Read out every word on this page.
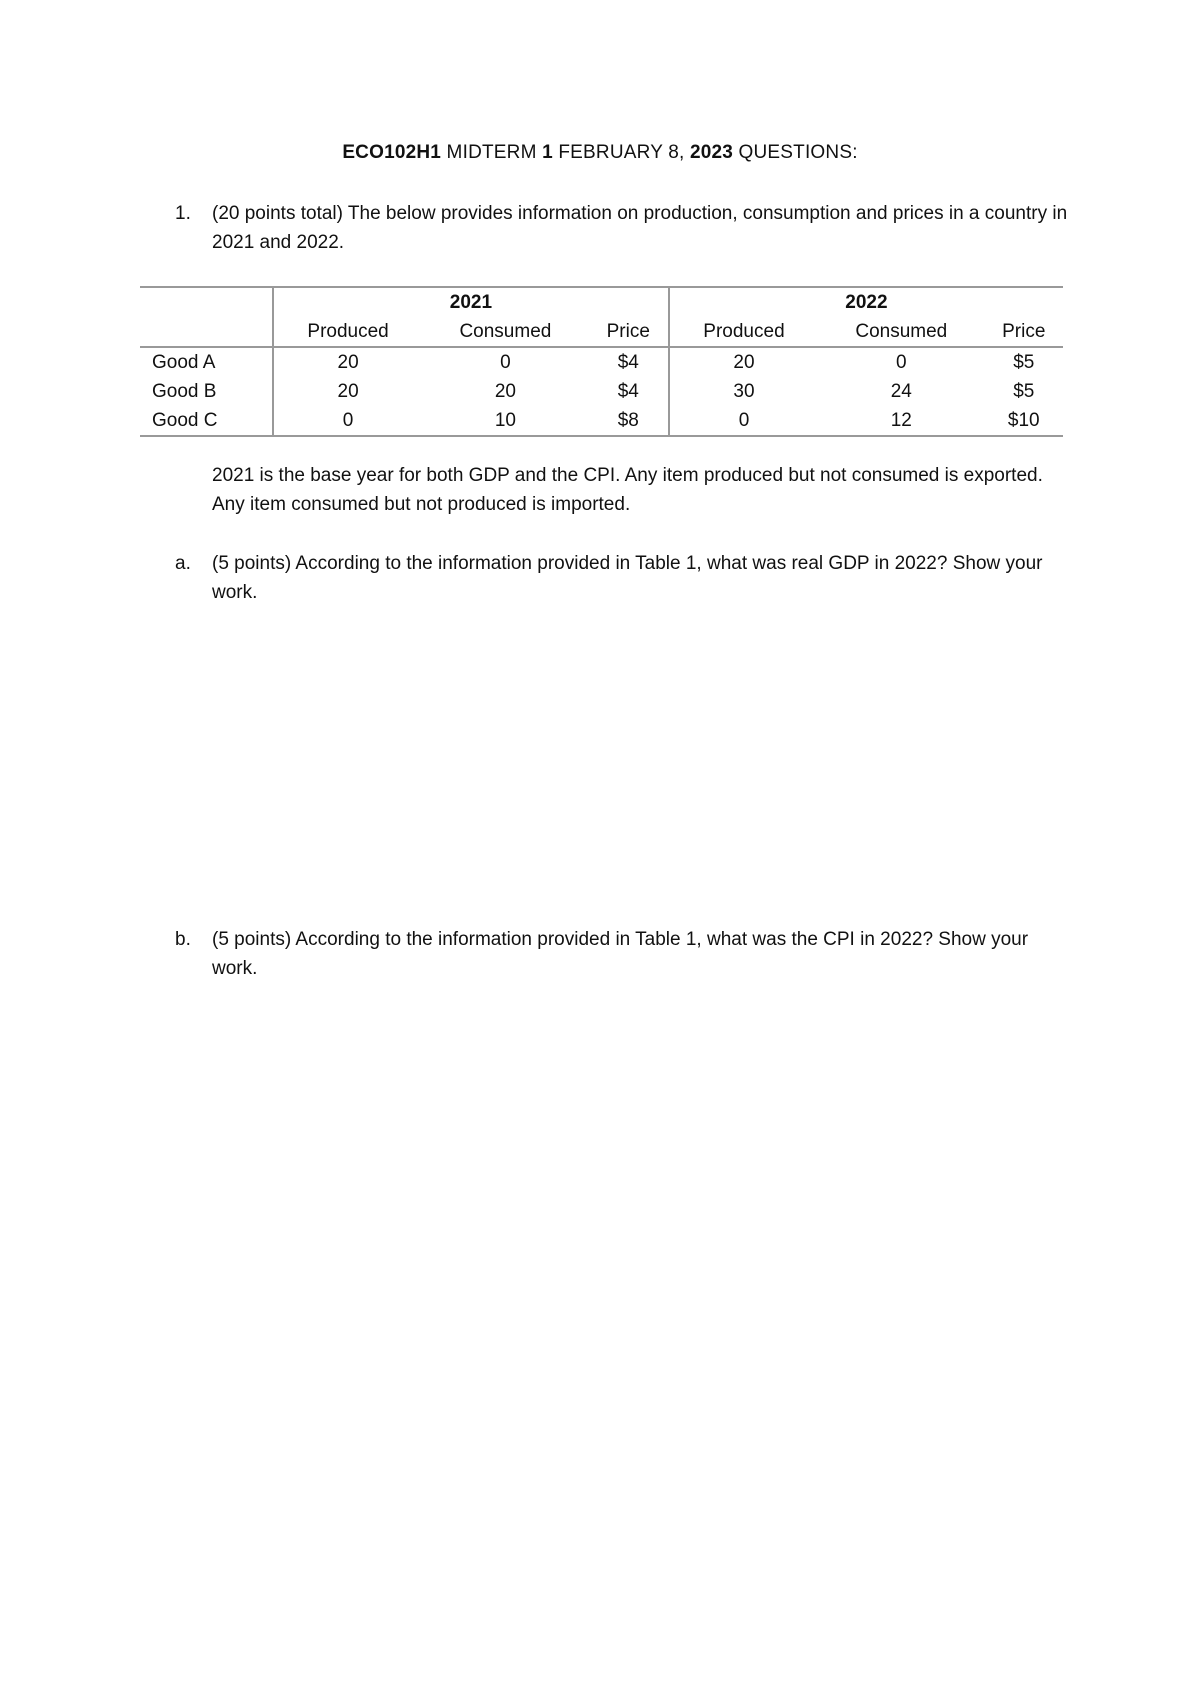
ECO102H1 MIDTERM 1 FEBRUARY 8, 2023 QUESTIONS:
1. (20 points total) The below provides information on production, consumption and prices in a country in 2021 and 2022.
	2021			2022		
	Produced	Consumed	Price	Produced	Consumed	Price
Good A	20	0	$4	20	0	$5
Good B	20	20	$4	30	24	$5
Good C	0	10	$8	0	12	$10
2021 is the base year for both GDP and the CPI. Any item produced but not consumed is exported. Any item consumed but not produced is imported.
a. (5 points) According to the information provided in Table 1, what was real GDP in 2022? Show your work.
b. (5 points) According to the information provided in Table 1, what was the CPI in 2022? Show your work.
